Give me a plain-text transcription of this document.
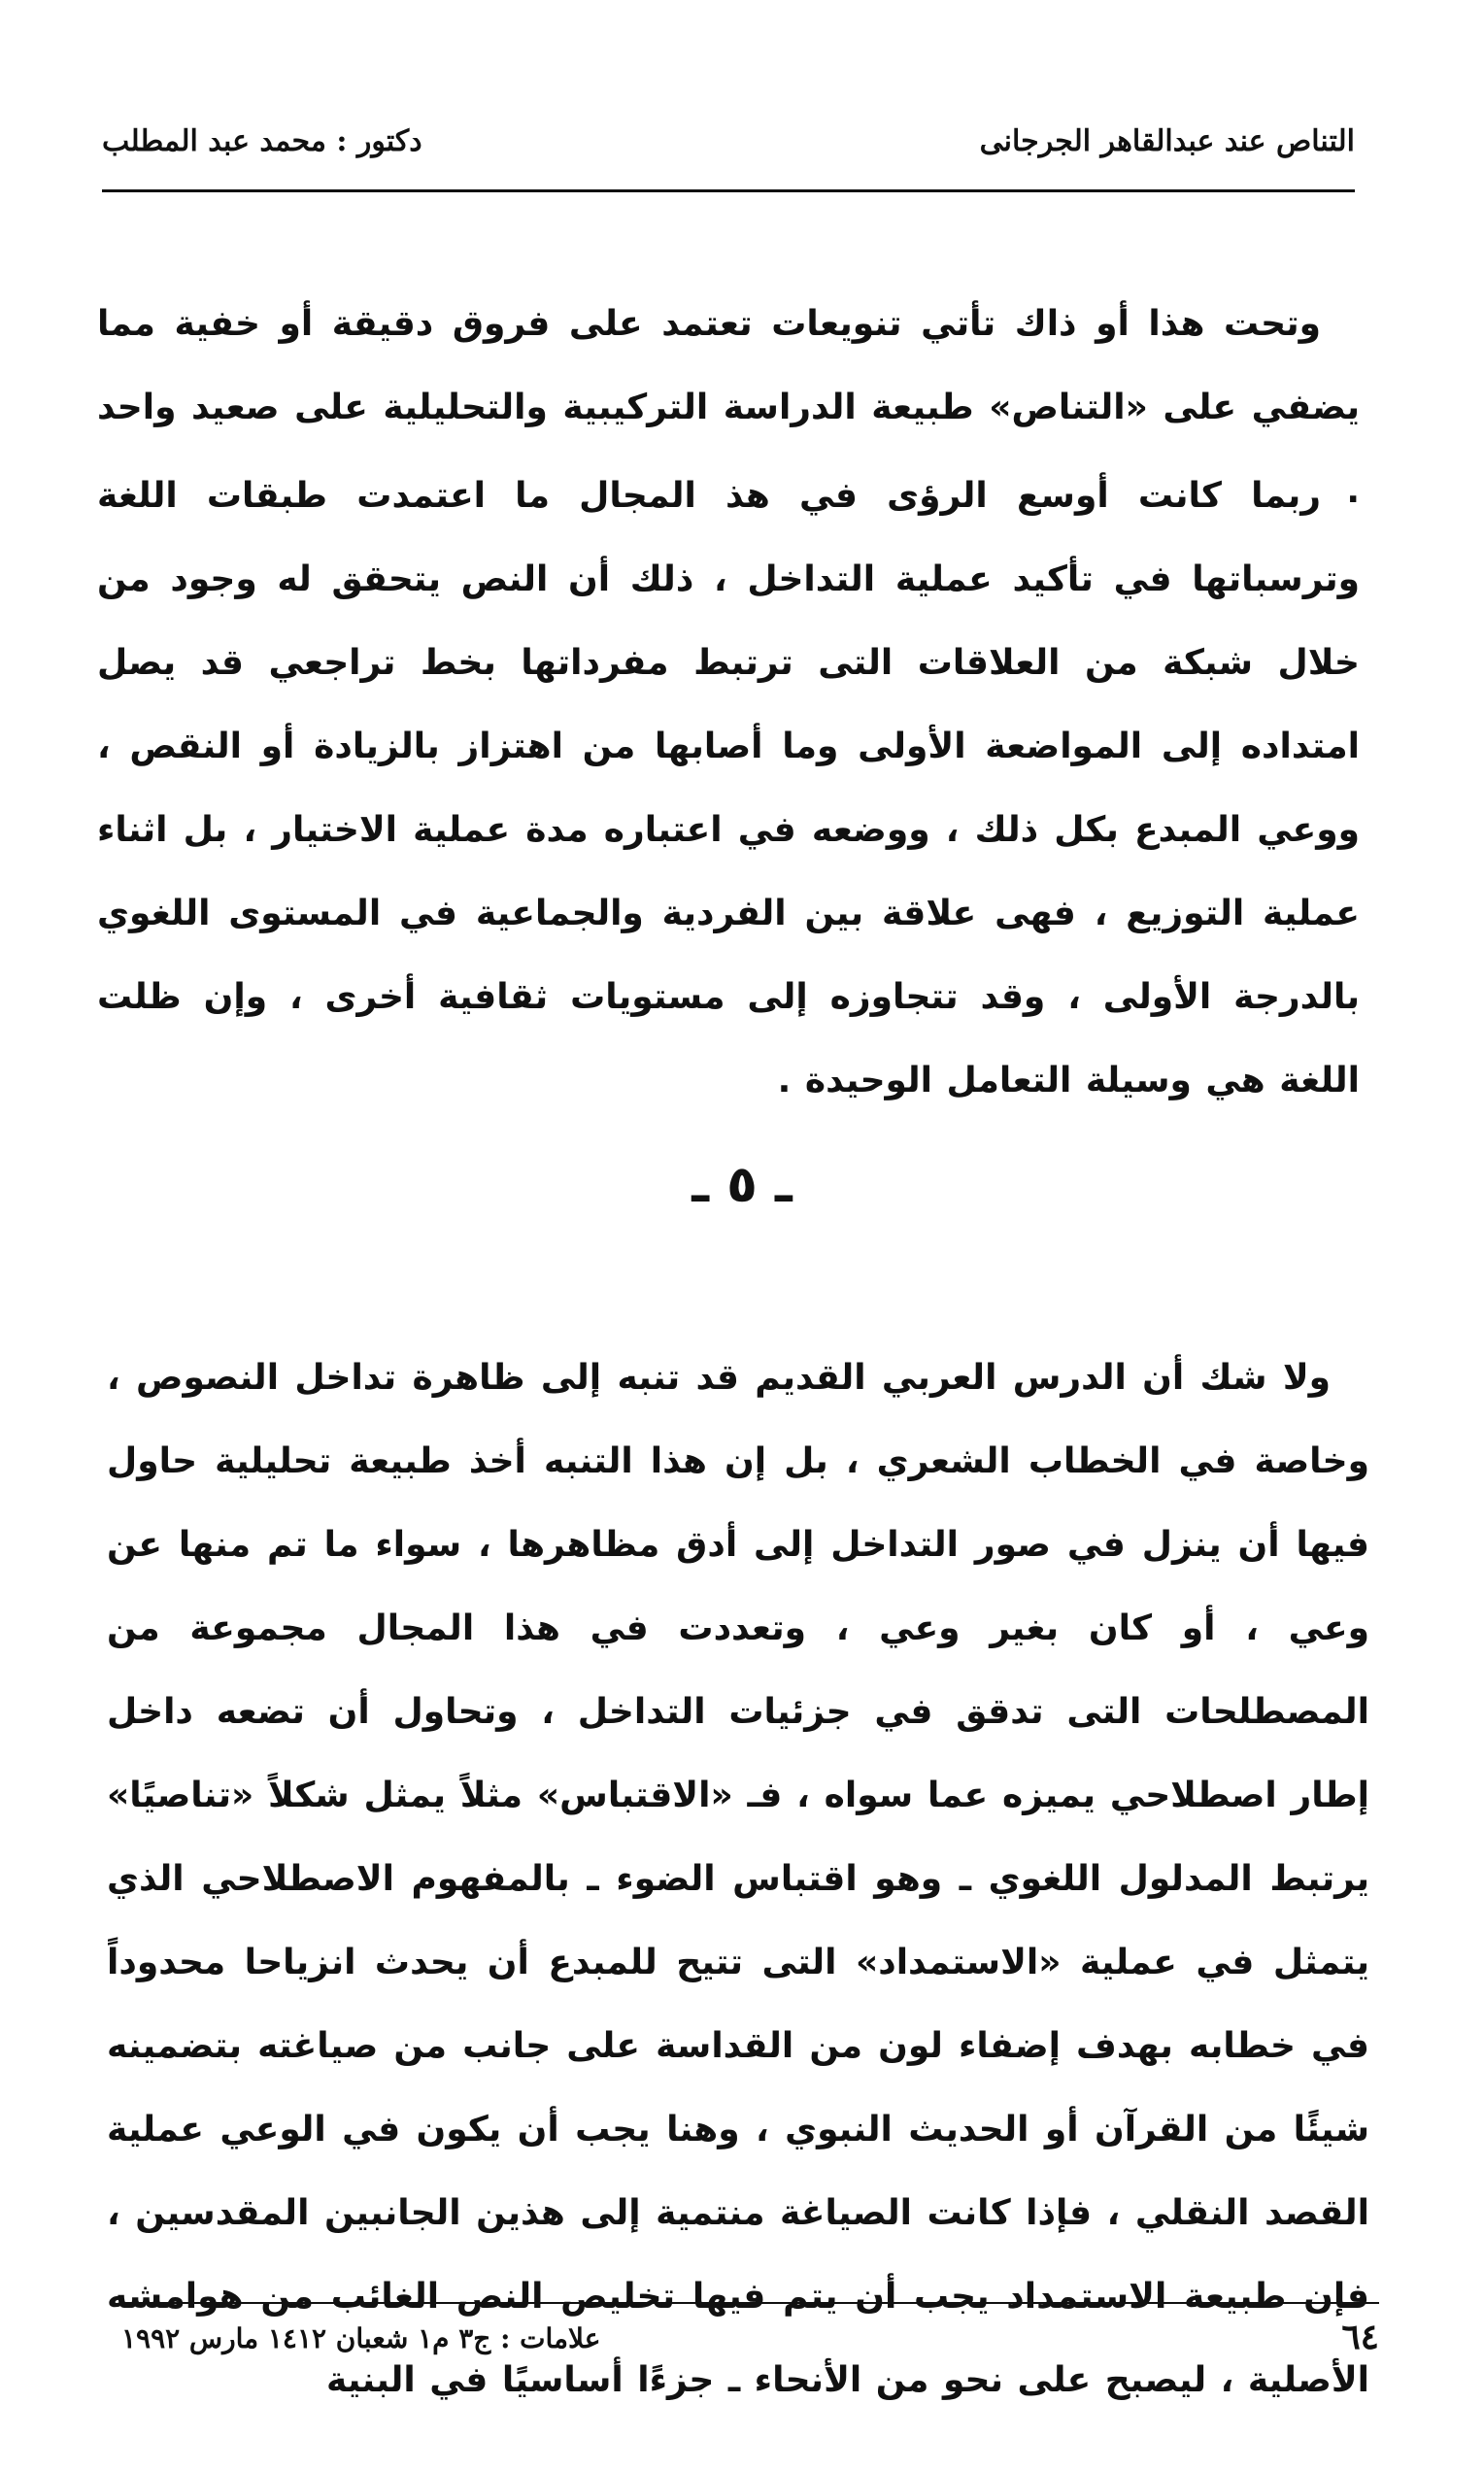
التناص عند عبدالقاهر الجرجانى
دكتور : محمد عبد المطلب

وتحت هذا أو ذاك تأتي تنويعات تعتمد على فروق دقيقة أو خفية مما يضفي على «التناص» طبيعة الدراسة التركيبية والتحليلية على صعيد واحد .

ربما كانت أوسع الرؤى في هذ المجال ما اعتمدت طبقات اللغة وترسباتها في تأكيد عملية التداخل ، ذلك أن النص يتحقق له وجود من خلال شبكة من العلاقات التى ترتبط مفرداتها بخط تراجعي قد يصل امتداده إلى المواضعة الأولى وما أصابها من اهتزاز بالزيادة أو النقص ، ووعي المبدع بكل ذلك ، ووضعه في اعتباره مدة عملية الاختيار ، بل اثناء عملية التوزيع ، فهى علاقة بين الفردية والجماعية في المستوى اللغوي بالدرجة الأولى ، وقد تتجاوزه إلى مستويات ثقافية أخرى ، وإن ظلت اللغة هي وسيلة التعامل الوحيدة .

ـ ٥ ـ

ولا شك أن الدرس العربي القديم قد تنبه إلى ظاهرة تداخل النصوص ، وخاصة في الخطاب الشعري ، بل إن هذا التنبه أخذ طبيعة تحليلية حاول فيها أن ينزل في صور التداخل إلى أدق مظاهرها ، سواء ما تم منها عن وعي ، أو كان بغير وعي ، وتعددت في هذا المجال مجموعة من المصطلحات التى تدقق في جزئيات التداخل ، وتحاول أن تضعه داخل إطار اصطلاحي يميزه عما سواه ، فـ «الاقتباس» مثلاً يمثل شكلاً «تناصيًا» يرتبط المدلول اللغوي ـ وهو اقتباس الضوء ـ بالمفهوم الاصطلاحي الذي يتمثل في عملية «الاستمداد» التى تتيح للمبدع أن يحدث انزياحا محدوداً في خطابه بهدف إضفاء لون من القداسة على جانب من صياغته بتضمينه شيئًا من القرآن أو الحديث النبوي ، وهنا يجب أن يكون في الوعي عملية القصد النقلي ، فإذا كانت الصياغة منتمية إلى هذين الجانبين المقدسين ، فإن طبيعة الاستمداد يجب أن يتم فيها تخليص النص الغائب من هوامشه الأصلية ، ليصبح على نحو من الأنحاء ـ جزءًا أساسيًا في البنية

٦٤
علامات : ج٣ م١ شعبان ١٤١٢ مارس ١٩٩٢
